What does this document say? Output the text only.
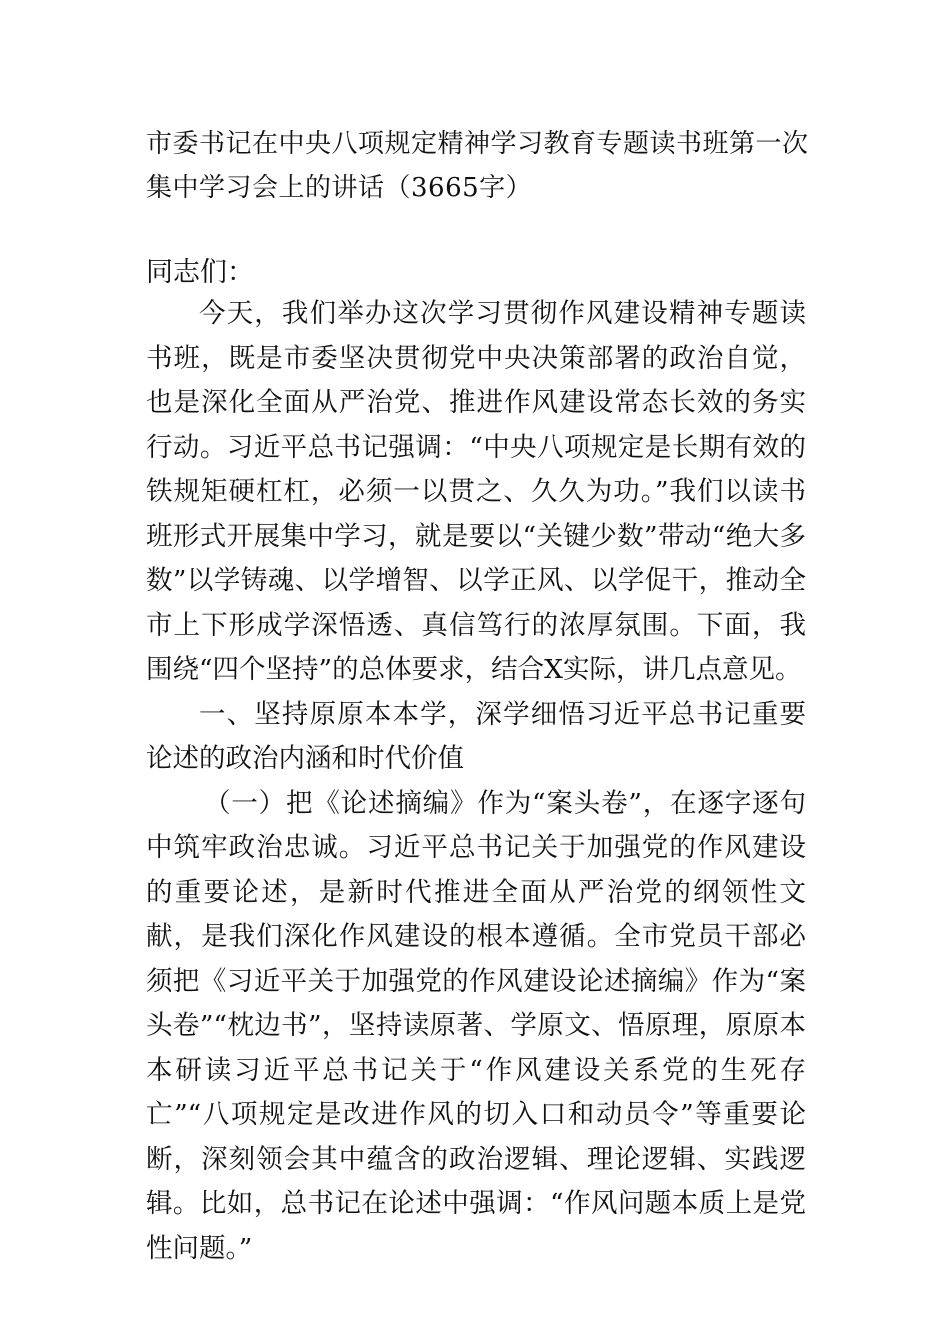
市委书记在中央八项规定精神学习教育专题读书班第一次集中学习会上的讲话（3665字）

同志们：

今天，我们举办这次学习贯彻作风建设精神专题读书班，既是市委坚决贯彻党中央决策部署的政治自觉，也是深化全面从严治党、推进作风建设常态长效的务实行动。习近平总书记强调：“中央八项规定是长期有效的铁规矩硬杠杠，必须一以贯之、久久为功。”我们以读书班形式开展集中学习，就是要以“关键少数”带动“绝大多数”以学铸魂、以学增智、以学正风、以学促干，推动全市上下形成学深悟透、真信笃行的浓厚氛围。下面，我围绕“四个坚持”的总体要求，结合X实际，讲几点意见。

一、坚持原原本本学，深学细悟习近平总书记重要论述的政治内涵和时代价值

（一）把《论述摘编》作为“案头卷”，在逐字逐句中筑牢政治忠诚。习近平总书记关于加强党的作风建设的重要论述，是新时代推进全面从严治党的纲领性文献，是我们深化作风建设的根本遵循。全市党员干部必须把《习近平关于加强党的作风建设论述摘编》作为“案头卷”“枕边书”，坚持读原著、学原文、悟原理，原原本本研读习近平总书记关于“作风建设关系党的生死存亡”“八项规定是改进作风的切入口和动员令”等重要论断，深刻领会其中蕴含的政治逻辑、理论逻辑、实践逻辑。比如，总书记在论述中强调：“作风问题本质上是党性问题。”
